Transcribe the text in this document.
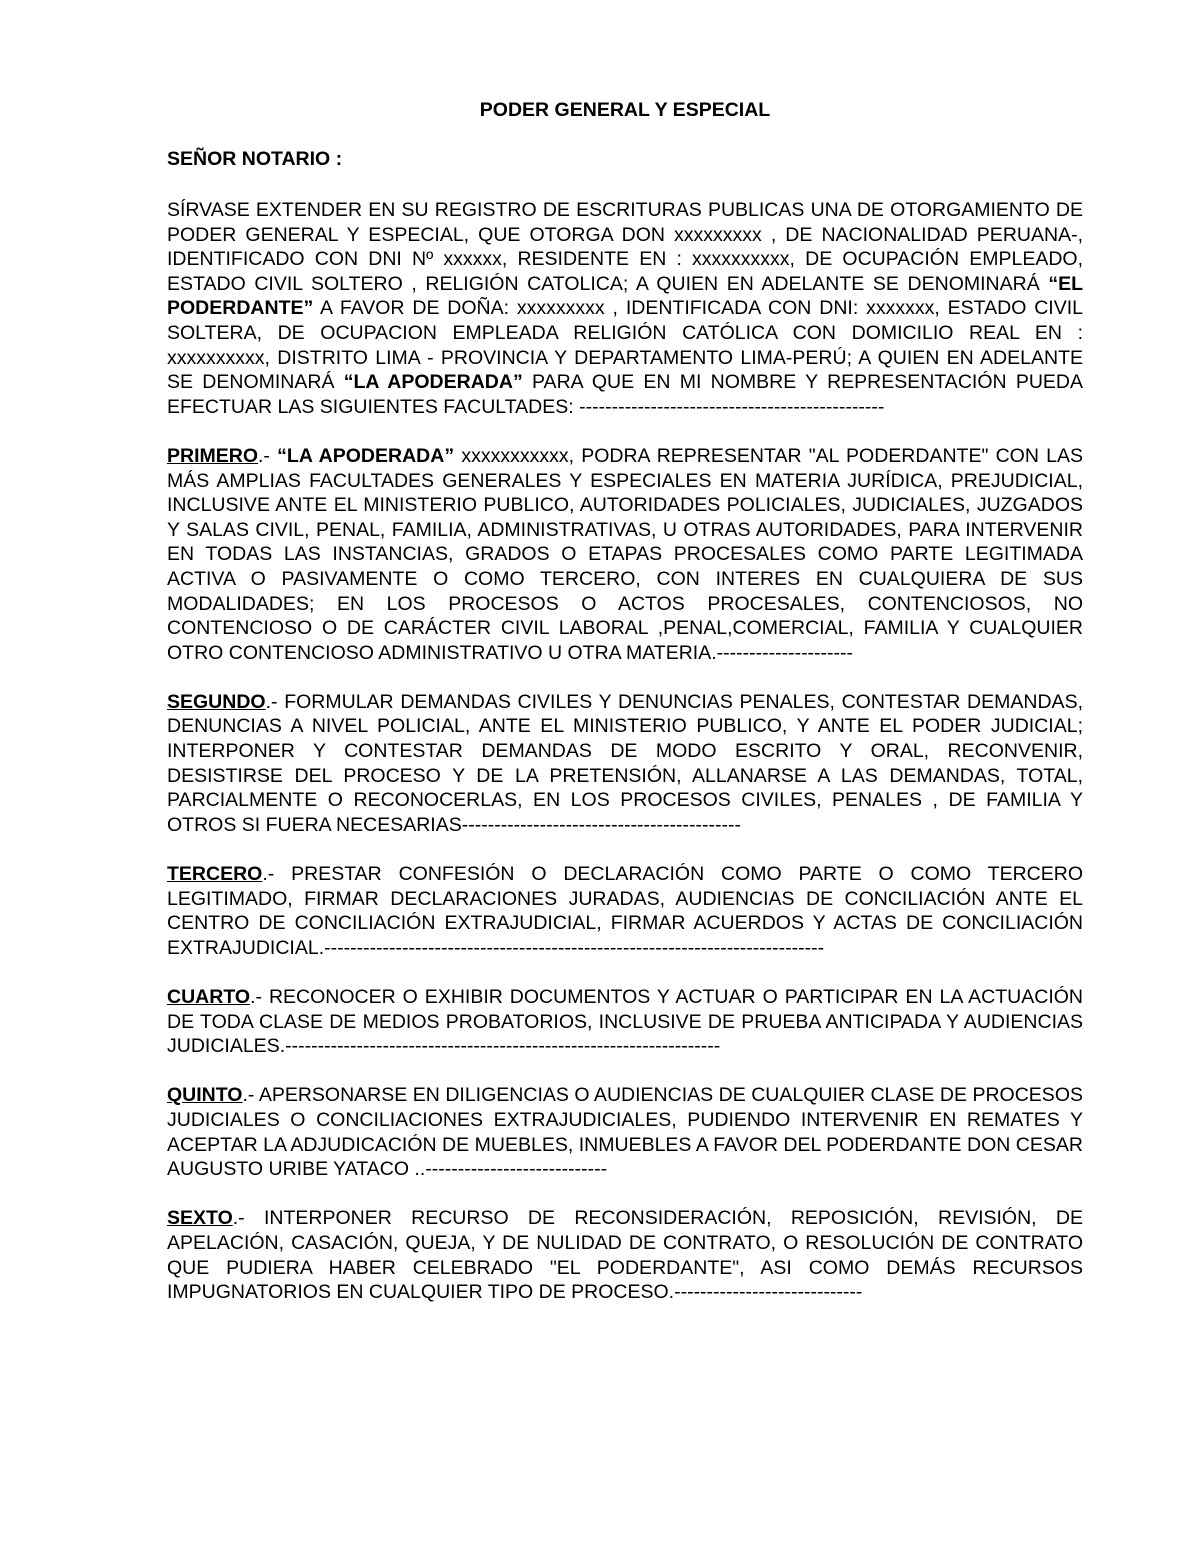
PODER GENERAL Y ESPECIAL
SEÑOR NOTARIO :

SÍRVASE EXTENDER EN SU REGISTRO DE ESCRITURAS PUBLICAS UNA DE OTORGAMIENTO DE PODER GENERAL Y ESPECIAL, QUE OTORGA DON xxxxxxxxx , DE NACIONALIDAD PERUANA-, IDENTIFICADO CON DNI Nº xxxxxx, RESIDENTE EN : xxxxxxxxxx, DE OCUPACIÓN EMPLEADO, ESTADO CIVIL SOLTERO , RELIGIÓN CATOLICA; A QUIEN EN ADELANTE SE DENOMINARÁ “EL PODERDANTE” A FAVOR DE DOÑA: xxxxxxxxx , IDENTIFICADA CON DNI: xxxxxxx, ESTADO CIVIL SOLTERA, DE OCUPACION EMPLEADA RELIGIÓN CATÓLICA CON DOMICILIO REAL EN : xxxxxxxxxx, DISTRITO LIMA - PROVINCIA Y DEPARTAMENTO LIMA-PERÚ; A QUIEN EN ADELANTE SE DENOMINARÁ “LA APODERADA” PARA QUE EN MI NOMBRE Y REPRESENTACIÓN PUEDA EFECTUAR LAS SIGUIENTES FACULTADES: -----------------------------------------------

PRIMERO.- “LA APODERADA” xxxxxxxxxxx, PODRA REPRESENTAR "AL PODERDANTE" CON LAS MÁS AMPLIAS FACULTADES GENERALES Y ESPECIALES EN MATERIA JURÍDICA, PREJUDICIAL, INCLUSIVE ANTE EL MINISTERIO PUBLICO, AUTORIDADES POLICIALES, JUDICIALES, JUZGADOS Y SALAS CIVIL, PENAL, FAMILIA, ADMINISTRATIVAS, U OTRAS AUTORIDADES, PARA INTERVENIR EN TODAS LAS INSTANCIAS, GRADOS O ETAPAS PROCESALES COMO PARTE LEGITIMADA ACTIVA O PASIVAMENTE O COMO TERCERO, CON INTERES EN CUALQUIERA DE SUS MODALIDADES; EN LOS PROCESOS O ACTOS PROCESALES, CONTENCIOSOS, NO CONTENCIOSO O DE CARÁCTER CIVIL LABORAL ,PENAL,COMERCIAL, FAMILIA Y CUALQUIER OTRO CONTENCIOSO ADMINISTRATIVO U OTRA MATERIA.---------------------

SEGUNDO.- FORMULAR DEMANDAS CIVILES Y DENUNCIAS PENALES, CONTESTAR DEMANDAS, DENUNCIAS A NIVEL POLICIAL, ANTE EL MINISTERIO PUBLICO, Y ANTE EL PODER JUDICIAL; INTERPONER Y CONTESTAR DEMANDAS DE MODO ESCRITO Y ORAL, RECONVENIR, DESISTIRSE DEL PROCESO Y DE LA PRETENSIÓN, ALLANARSE A LAS DEMANDAS, TOTAL, PARCIALMENTE O RECONOCERLAS, EN LOS PROCESOS CIVILES, PENALES , DE FAMILIA Y OTROS SI FUERA NECESARIAS-------------------------------------------

TERCERO.- PRESTAR CONFESIÓN O DECLARACIÓN COMO PARTE O COMO TERCERO LEGITIMADO, FIRMAR DECLARACIONES JURADAS, AUDIENCIAS DE CONCILIACIÓN ANTE EL CENTRO DE CONCILIACIÓN EXTRAJUDICIAL, FIRMAR ACUERDOS Y ACTAS DE CONCILIACIÓN EXTRAJUDICIAL.-----------------------------------------------------------------------------

CUARTO.- RECONOCER O EXHIBIR DOCUMENTOS Y ACTUAR O PARTICIPAR EN LA ACTUACIÓN DE TODA CLASE DE MEDIOS PROBATORIOS, INCLUSIVE DE PRUEBA ANTICIPADA Y AUDIENCIAS JUDICIALES.-------------------------------------------------------------------

QUINTO.- APERSONARSE EN DILIGENCIAS O AUDIENCIAS DE CUALQUIER CLASE DE PROCESOS JUDICIALES O CONCILIACIONES EXTRAJUDICIALES, PUDIENDO INTERVENIR EN REMATES Y ACEPTAR LA ADJUDICACIÓN DE MUEBLES, INMUEBLES A FAVOR DEL PODERDANTE DON CESAR AUGUSTO URIBE YATACO ..----------------------------

SEXTO.- INTERPONER RECURSO DE RECONSIDERACIÓN, REPOSICIÓN, REVISIÓN, DE APELACIÓN, CASACIÓN, QUEJA, Y DE NULIDAD DE CONTRATO, O RESOLUCIÓN DE CONTRATO QUE PUDIERA HABER CELEBRADO "EL PODERDANTE", ASI COMO DEMÁS RECURSOS IMPUGNATORIOS EN CUALQUIER TIPO DE PROCESO.-----------------------------
